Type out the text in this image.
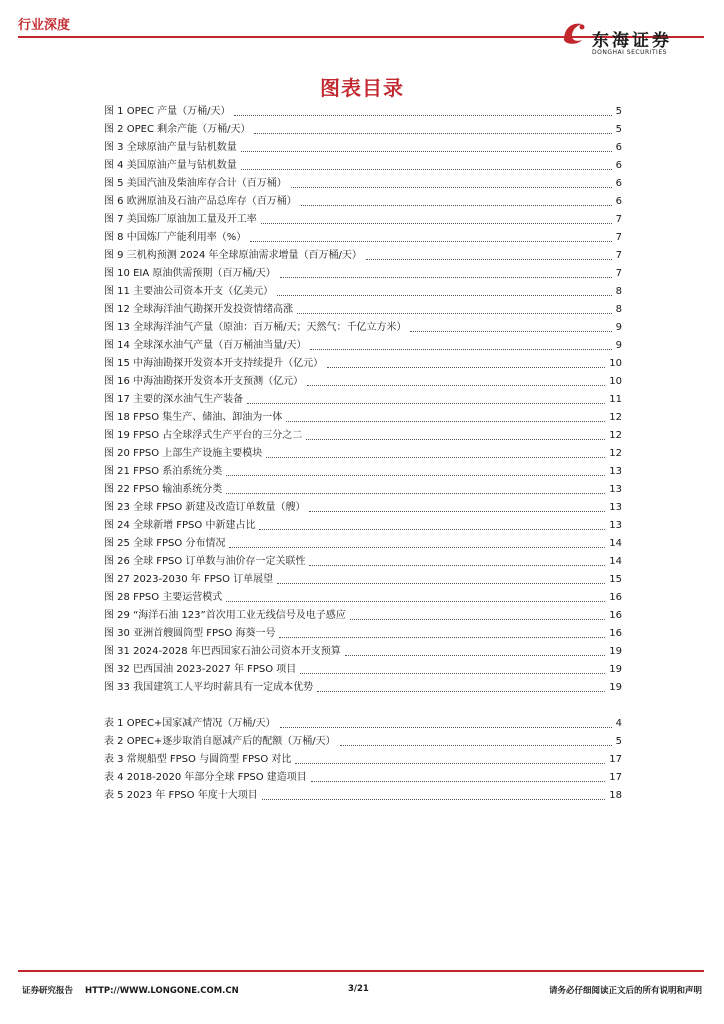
行业深度
东海证券
DONGHAI SECURITIES
图表目录
图 1 OPEC 产量（万桶/天）	5
图 2 OPEC 剩余产能（万桶/天）	5
图 3 全球原油产量与钻机数量	6
图 4 美国原油产量与钻机数量	6
图 5 美国汽油及柴油库存合计（百万桶）	6
图 6 欧洲原油及石油产品总库存（百万桶）	6
图 7 美国炼厂原油加工量及开工率	7
图 8 中国炼厂产能利用率（%）	7
图 9 三机构预测 2024 年全球原油需求增量（百万桶/天）	7
图 10 EIA 原油供需预期（百万桶/天）	7
图 11 主要油公司资本开支（亿美元）	8
图 12 全球海洋油气勘探开发投资情绪高涨	8
图 13 全球海洋油气产量（原油：百万桶/天；天然气：千亿立方米）	9
图 14 全球深水油气产量（百万桶油当量/天）	9
图 15 中海油勘探开发资本开支持续提升（亿元）	10
图 16 中海油勘探开发资本开支预测（亿元）	10
图 17 主要的深水油气生产装备	11
图 18 FPSO 集生产、储油、卸油为一体	12
图 19 FPSO 占全球浮式生产平台的三分之二	12
图 20 FPSO 上部生产设施主要模块	12
图 21 FPSO 系泊系统分类	13
图 22 FPSO 输油系统分类	13
图 23 全球 FPSO 新建及改造订单数量（艘）	13
图 24 全球新增 FPSO 中新建占比	13
图 25 全球 FPSO 分布情况	14
图 26 全球 FPSO 订单数与油价存一定关联性	14
图 27 2023-2030 年 FPSO 订单展望	15
图 28 FPSO 主要运营模式	16
图 29 “海洋石油 123”首次用工业无线信号及电子感应	16
图 30 亚洲首艘圆筒型 FPSO 海葵一号	16
图 31 2024-2028 年巴西国家石油公司资本开支预算	19
图 32 巴西国油 2023-2027 年 FPSO 项目	19
图 33 我国建筑工人平均时薪具有一定成本优势	19
表 1 OPEC+国家减产情况（万桶/天）	4
表 2 OPEC+逐步取消自愿减产后的配额（万桶/天）	5
表 3 常规船型 FPSO 与圆筒型 FPSO 对比	17
表 4 2018-2020 年部分全球 FPSO 建造项目	17
表 5 2023 年 FPSO 年度十大项目	18
证券研究报告 HTTP://WWW.LONGONE.COM.CN	3/21	请务必仔细阅读正文后的所有说明和声明
